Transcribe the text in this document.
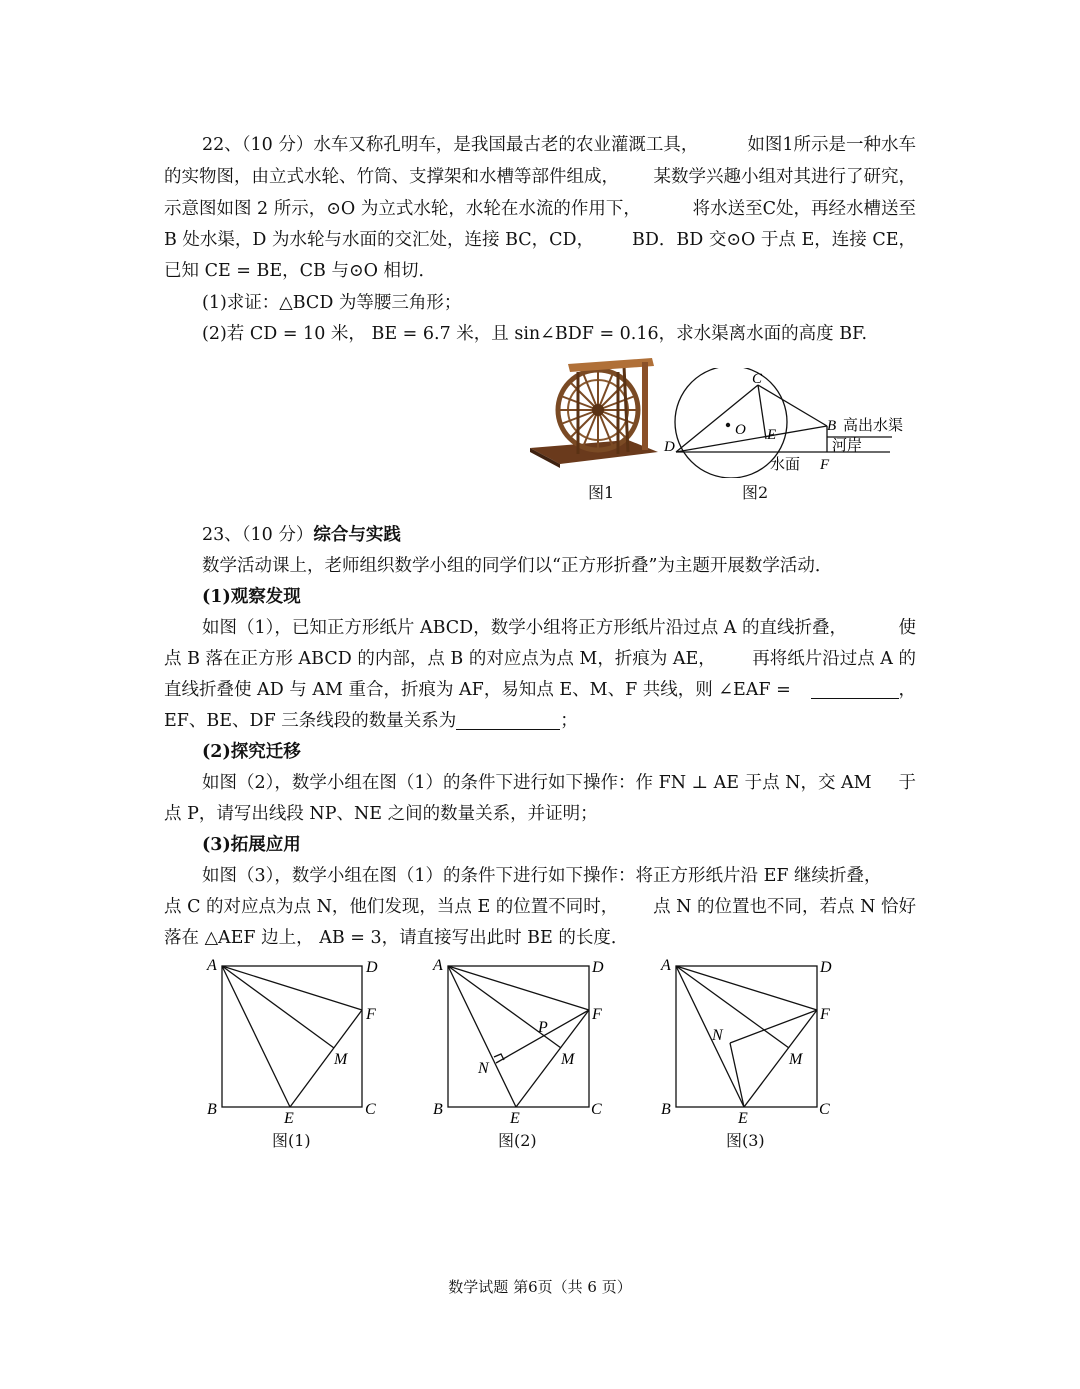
22、（10 分）水车又称孔明车，是我国最古老的农业灌溉工具，	如图1所示是一种水车
的实物图，由立式水轮、竹筒、支撑架和水槽等部件组成， 某数学兴趣小组对其进行了研究，
示意图如图 2 所示，⊙O 为立式水轮，水轮在水流的作用下，	将水送至C处，再经水槽送至
B 处水渠，D 为水轮与水面的交汇处，连接 BC，CD， BD．BD 交⊙O 于点 E，连接 CE，
已知 CE = BE，CB 与⊙O 相切．
(1)求证：△BCD 为等腰三角形；
(2)若 CD = 10 米， BE = 6.7 米，且 sin∠BDF = 0.16，求水渠离水面的高度 BF.
图1
C
O	B
E
D
F
高出水渠
河岸
水面
图2
23、（10 分）综合与实践
数学活动课上，老师组织数学小组的同学们以“正方形折叠”为主题开展数学活动．
(1)观察发现
如图（1），已知正方形纸片 ABCD，数学小组将正方形纸片沿过点 A 的直线折叠，	使
点 B 落在正方形 ABCD 的内部，点 B 的对应点为点 M，折痕为 AE， 再将纸片沿过点 A 的
直线折叠使 AD 与 AM 重合，折痕为 AF，易知点 E、M、F 共线，则 ∠EAF =	，
EF、BE、DF 三条线段的数量关系为	；
(2)探究迁移
如图（2），数学小组在图（1）的条件下进行如下操作：作 FN ⊥ AE 于点 N，交 AM 于
点 P，请写出线段 NP、NE 之间的数量关系，并证明；
(3)拓展应用
如图（3），数学小组在图（1）的条件下进行如下操作：将正方形纸片沿 EF 继续折叠，
点 C 的对应点为点 N，他们发现，当点 E 的位置不同时， 点 N 的位置也不同，若点 N 恰好
落在 △AEF 边上， AB = 3，请直接写出此时 BE 的长度．
A	D
F
M
B
E
C
图(1)
A	D
F
P
M
N
B
E
C
图(2)
A	D
F
N
M
B
E
C
图(3)
数学试题 第6页（共 6 页）
